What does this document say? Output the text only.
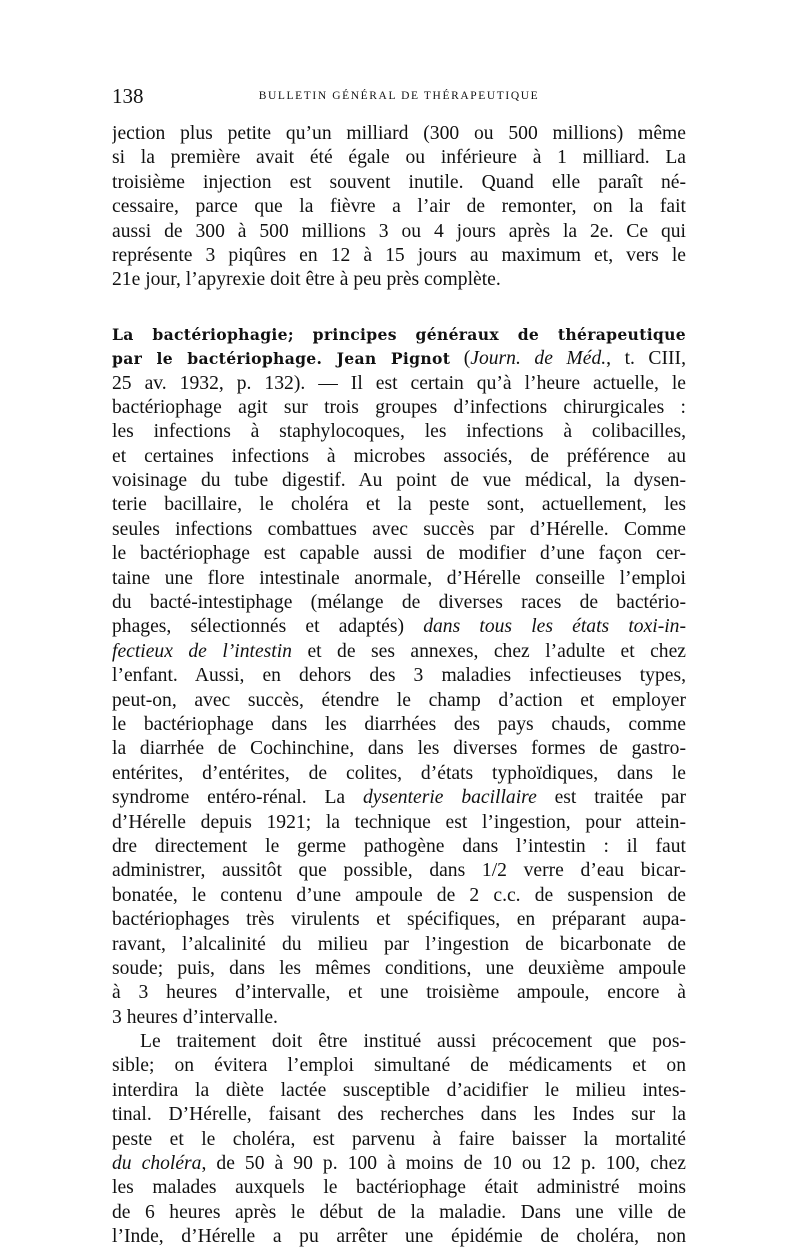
138	BULLETIN GÉNÉRAL DE THÉRAPEUTIQUE
jection plus petite qu’un milliard (300 ou 500 millions) même
si la première avait été égale ou inférieure à 1 milliard. La
troisième injection est souvent inutile. Quand elle paraît né-
cessaire, parce que la fièvre a l’air de remonter, on la fait
aussi de 300 à 500 millions 3 ou 4 jours après la 2e. Ce qui
représente 3 piqûres en 12 à 15 jours au maximum et, vers le
21e jour, l’apyrexie doit être à peu près complète.
La bactériophagie; principes généraux de thérapeutique
par le bactériophage. Jean Pignot (Journ. de Méd., t. CIII,
25 av. 1932, p. 132). — Il est certain qu’à l’heure actuelle, le
bactériophage agit sur trois groupes d’infections chirurgicales :
les infections à staphylocoques, les infections à colibacilles,
et certaines infections à microbes associés, de préférence au
voisinage du tube digestif. Au point de vue médical, la dysen-
terie bacillaire, le choléra et la peste sont, actuellement, les
seules infections combattues avec succès par d’Hérelle. Comme
le bactériophage est capable aussi de modifier d’une façon cer-
taine une flore intestinale anormale, d’Hérelle conseille l’emploi
du bacté-intestiphage (mélange de diverses races de bactério-
phages, sélectionnés et adaptés) dans tous les états toxi-in-
fectieux de l’intestin et de ses annexes, chez l’adulte et chez
l’enfant. Aussi, en dehors des 3 maladies infectieuses types,
peut-on, avec succès, étendre le champ d’action et employer
le bactériophage dans les diarrhées des pays chauds, comme
la diarrhée de Cochinchine, dans les diverses formes de gastro-
entérites, d’entérites, de colites, d’états typhoïdiques, dans le
syndrome entéro-rénal. La dysenterie bacillaire est traitée par
d’Hérelle depuis 1921; la technique est l’ingestion, pour attein-
dre directement le germe pathogène dans l’intestin : il faut
administrer, aussitôt que possible, dans 1/2 verre d’eau bicar-
bonatée, le contenu d’une ampoule de 2 c.c. de suspension de
bactériophages très virulents et spécifiques, en préparant aupa-
ravant, l’alcalinité du milieu par l’ingestion de bicarbonate de
soude; puis, dans les mêmes conditions, une deuxième ampoule
à 3 heures d’intervalle, et une troisième ampoule, encore à
3 heures d’intervalle.
Le traitement doit être institué aussi précocement que pos-
sible; on évitera l’emploi simultané de médicaments et on
interdira la diète lactée susceptible d’acidifier le milieu intes-
tinal. D’Hérelle, faisant des recherches dans les Indes sur la
peste et le choléra, est parvenu à faire baisser la mortalité
du choléra, de 50 à 90 p. 100 à moins de 10 ou 12 p. 100, chez
les malades auxquels le bactériophage était administré moins
de 6 heures après le début de la maladie. Dans une ville de
l’Inde, d’Hérelle a pu arrêter une épidémie de choléra, non
